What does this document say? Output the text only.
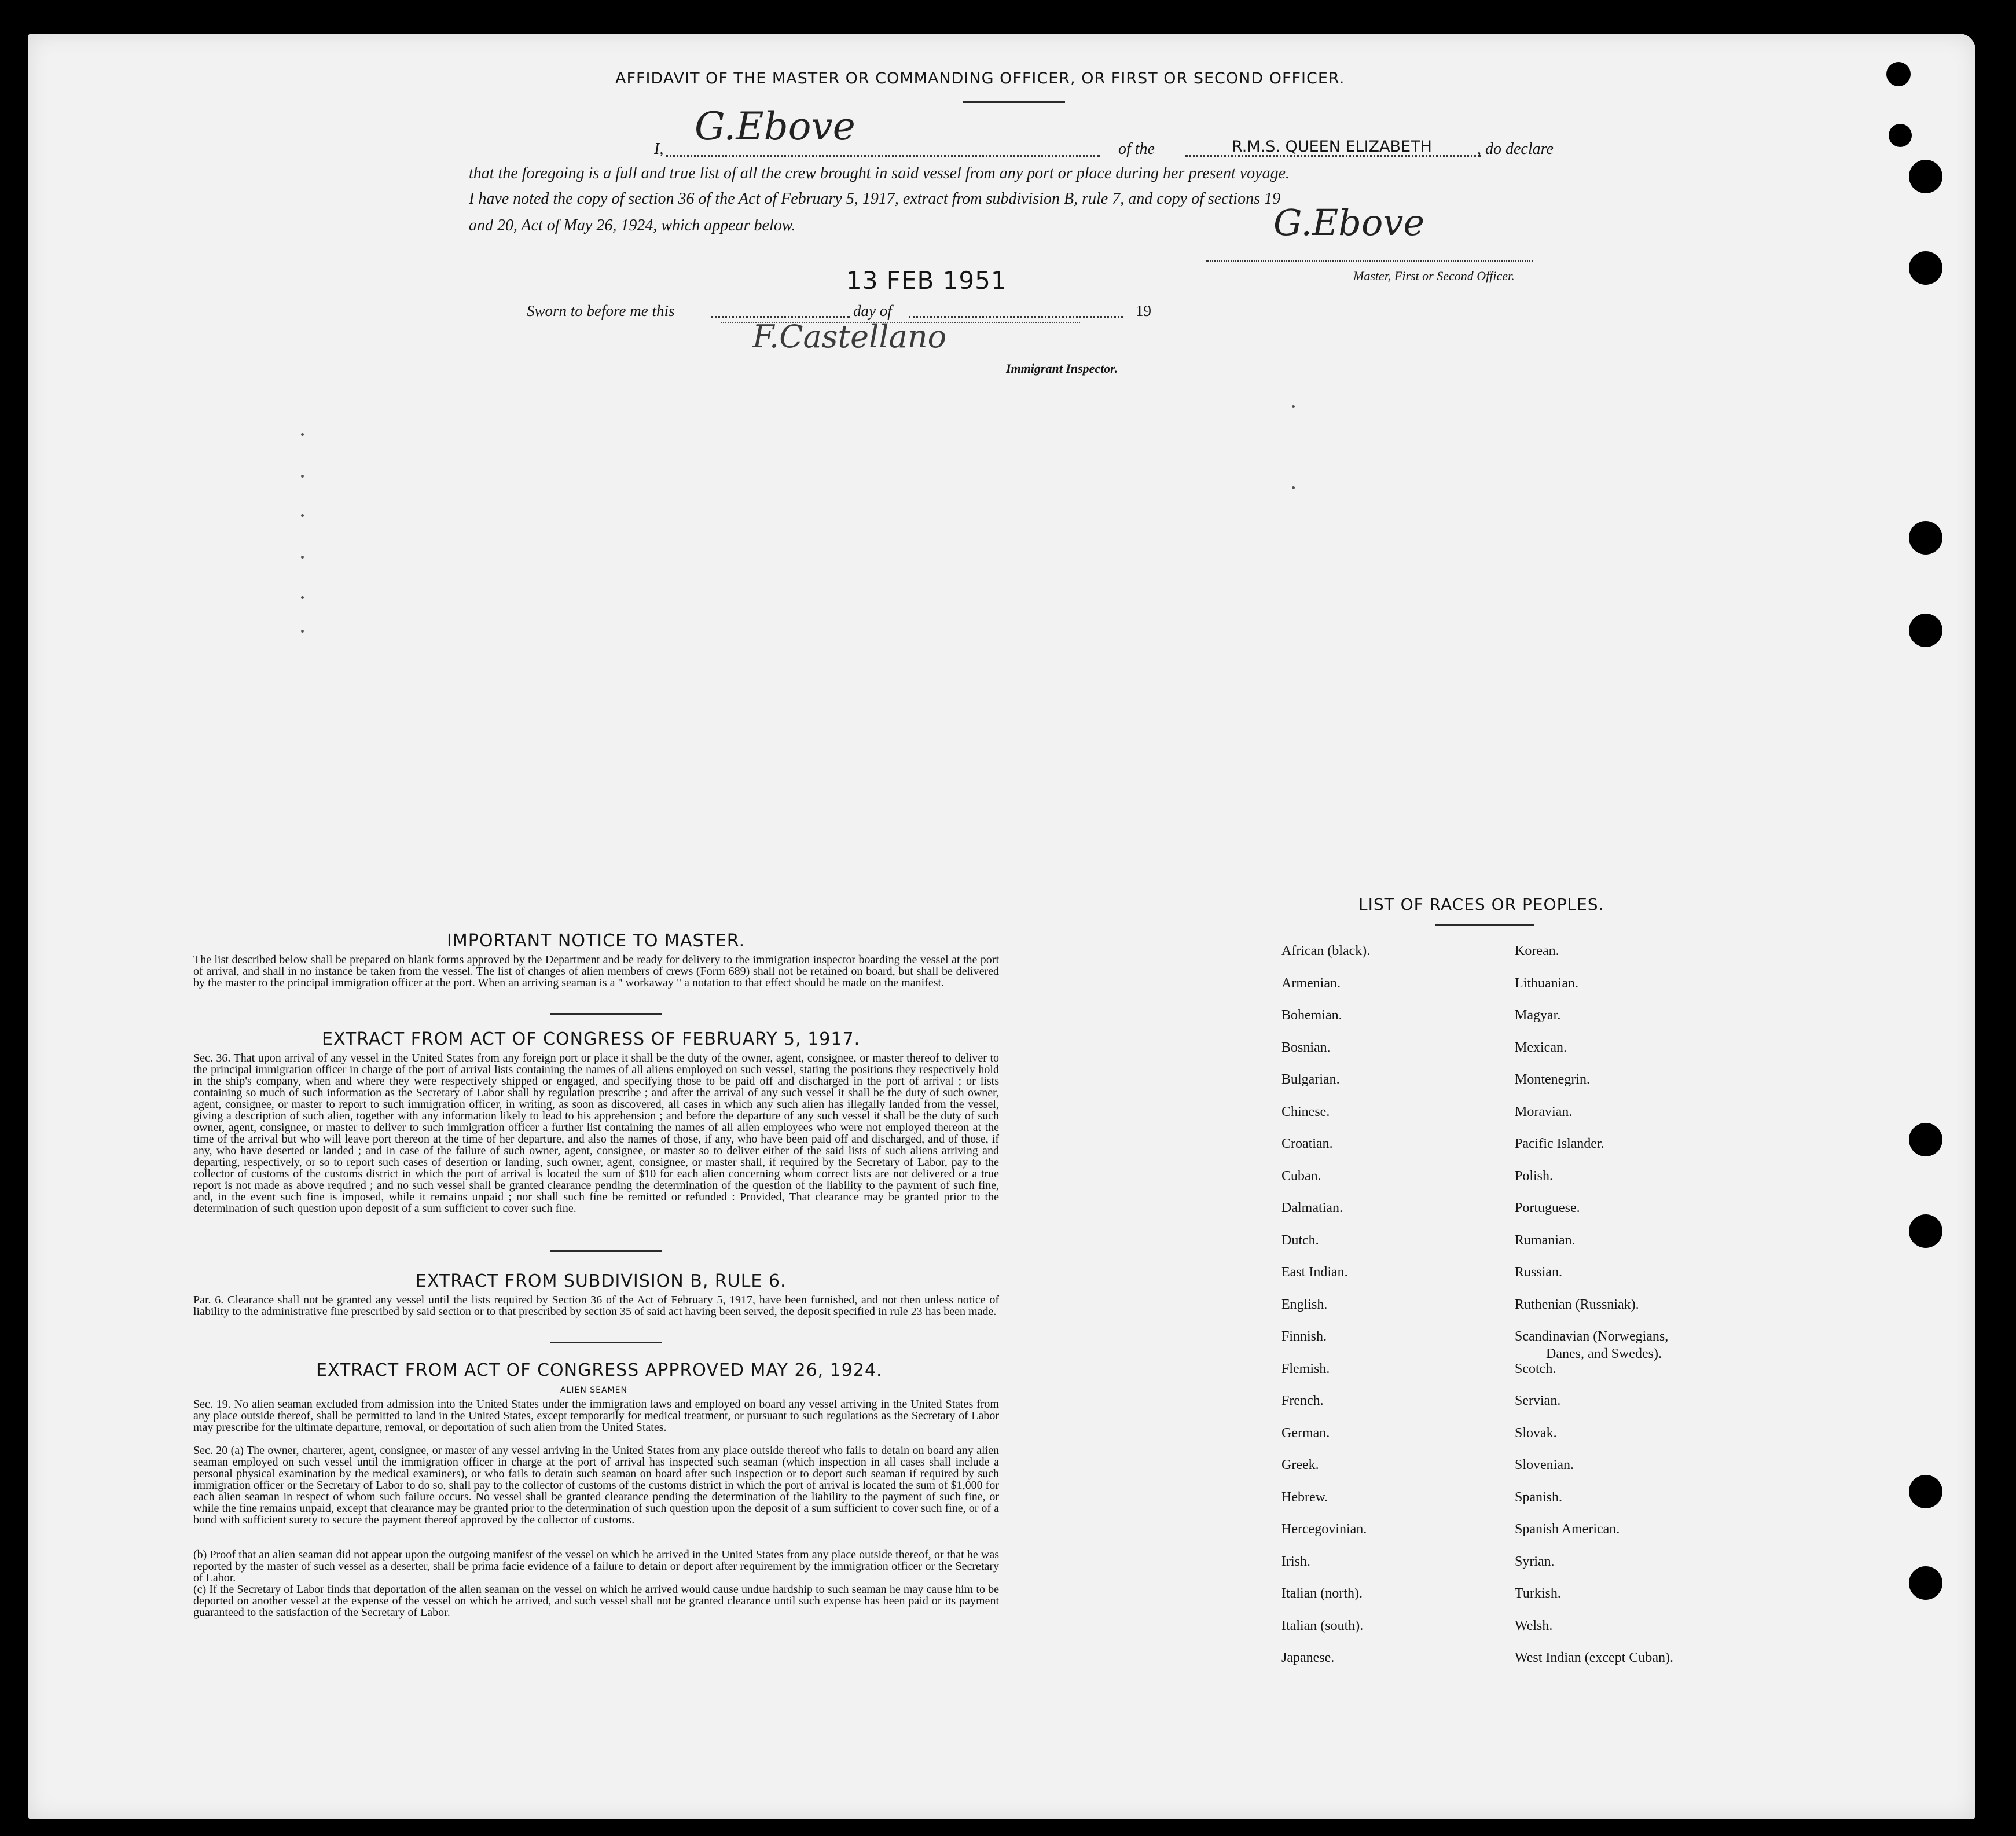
AFFIDAVIT OF THE MASTER OR COMMANDING OFFICER, OR FIRST OR SECOND OFFICER.
I,
G.Ebove
of the	R.M.S. QUEEN ELIZABETH	, do declare
that the foregoing is a full and true list of all the crew brought in said vessel from any port or place during her present voyage.
I have noted the copy of section 36 of the Act of February 5, 1917, extract from subdivision B, rule 7, and copy of sections 19
and 20, Act of May 26, 1924, which appear below.	G.Ebove
Master, First or Second Officer.
13 FEB 1951
Sworn to before me this	day of	19
F.Castellano
Immigrant Inspector.
IMPORTANT NOTICE TO MASTER.
The list described below shall be prepared on blank forms approved by the Department and be ready for delivery to the immigration inspector boarding the vessel at the port of arrival, and shall in no instance be taken from the vessel. The list of changes of alien members of crews (Form 689) shall not be retained on board, but shall be delivered by the master to the principal immigration officer at the port. When an arriving seaman is a " workaway " a notation to that effect should be made on the manifest.
EXTRACT FROM ACT OF CONGRESS OF FEBRUARY 5, 1917.
Sec. 36. That upon arrival of any vessel in the United States from any foreign port or place it shall be the duty of the owner, agent, consignee, or master thereof to deliver to the principal immigration officer in charge of the port of arrival lists containing the names of all aliens employed on such vessel, stating the positions they respectively hold in the ship's company, when and where they were respectively shipped or engaged, and specifying those to be paid off and discharged in the port of arrival ; or lists containing so much of such information as the Secretary of Labor shall by regulation prescribe ; and after the arrival of any such vessel it shall be the duty of such owner, agent, consignee, or master to report to such immigration officer, in writing, as soon as discovered, all cases in which any such alien has illegally landed from the vessel, giving a description of such alien, together with any information likely to lead to his apprehension ; and before the departure of any such vessel it shall be the duty of such owner, agent, consignee, or master to deliver to such immigration officer a further list containing the names of all alien employees who were not employed thereon at the time of the arrival but who will leave port thereon at the time of her departure, and also the names of those, if any, who have been paid off and discharged, and of those, if any, who have deserted or landed ; and in case of the failure of such owner, agent, consignee, or master so to deliver either of the said lists of such aliens arriving and departing, respectively, or so to report such cases of desertion or landing, such owner, agent, consignee, or master shall, if required by the Secretary of Labor, pay to the collector of customs of the customs district in which the port of arrival is located the sum of $10 for each alien concerning whom correct lists are not delivered or a true report is not made as above required ; and no such vessel shall be granted clearance pending the determination of the question of the liability to the payment of such fine, and, in the event such fine is imposed, while it remains unpaid ; nor shall such fine be remitted or refunded : Provided, That clearance may be granted prior to the determination of such question upon deposit of a sum sufficient to cover such fine.
EXTRACT FROM SUBDIVISION B, RULE 6.
Par. 6. Clearance shall not be granted any vessel until the lists required by Section 36 of the Act of February 5, 1917, have been furnished, and not then unless notice of liability to the administrative fine prescribed by said section or to that prescribed by section 35 of said act having been served, the deposit specified in rule 23 has been made.
EXTRACT FROM ACT OF CONGRESS APPROVED MAY 26, 1924.
ALIEN SEAMEN
Sec. 19. No alien seaman excluded from admission into the United States under the immigration laws and employed on board any vessel arriving in the United States from any place outside thereof, shall be permitted to land in the United States, except temporarily for medical treatment, or pursuant to such regulations as the Secretary of Labor may prescribe for the ultimate departure, removal, or deportation of such alien from the United States.
Sec. 20 (a) The owner, charterer, agent, consignee, or master of any vessel arriving in the United States from any place outside thereof who fails to detain on board any alien seaman employed on such vessel until the immigration officer in charge at the port of arrival has inspected such seaman (which inspection in all cases shall include a personal physical examination by the medical examiners), or who fails to detain such seaman on board after such inspection or to deport such seaman if required by such immigration officer or the Secretary of Labor to do so, shall pay to the collector of customs of the customs district in which the port of arrival is located the sum of $1,000 for each alien seaman in respect of whom such failure occurs. No vessel shall be granted clearance pending the determination of the liability to the payment of such fine, or while the fine remains unpaid, except that clearance may be granted prior to the determination of such question upon the deposit of a sum sufficient to cover such fine, or of a bond with sufficient surety to secure the payment thereof approved by the collector of customs.
(b) Proof that an alien seaman did not appear upon the outgoing manifest of the vessel on which he arrived in the United States from any place outside thereof, or that he was reported by the master of such vessel as a deserter, shall be prima facie evidence of a failure to detain or deport after requirement by the immigration officer or the Secretary of Labor.
(c) If the Secretary of Labor finds that deportation of the alien seaman on the vessel on which he arrived would cause undue hardship to such seaman he may cause him to be deported on another vessel at the expense of the vessel on which he arrived, and such vessel shall not be granted clearance until such expense has been paid or its payment guaranteed to the satisfaction of the Secretary of Labor.
LIST OF RACES OR PEOPLES.
African (black).
Armenian.
Bohemian.
Bosnian.
Bulgarian.
Chinese.
Croatian.
Cuban.
Dalmatian.
Dutch.
East Indian.
English.
Finnish.
Flemish.
French.
German.
Greek.
Hebrew.
Hercegovinian.
Irish.
Italian (north).
Italian (south).
Japanese.
Korean.
Lithuanian.
Magyar.
Mexican.
Montenegrin.
Moravian.
Pacific Islander.
Polish.
Portuguese.
Rumanian.
Russian.
Ruthenian (Russniak).
Scandinavian (Norwegians,
Scotch.
Servian.
Slovak.
Slovenian.
Spanish.
Spanish American.
Syrian.
Turkish.
Welsh.
West Indian (except Cuban).
Danes, and Swedes).
